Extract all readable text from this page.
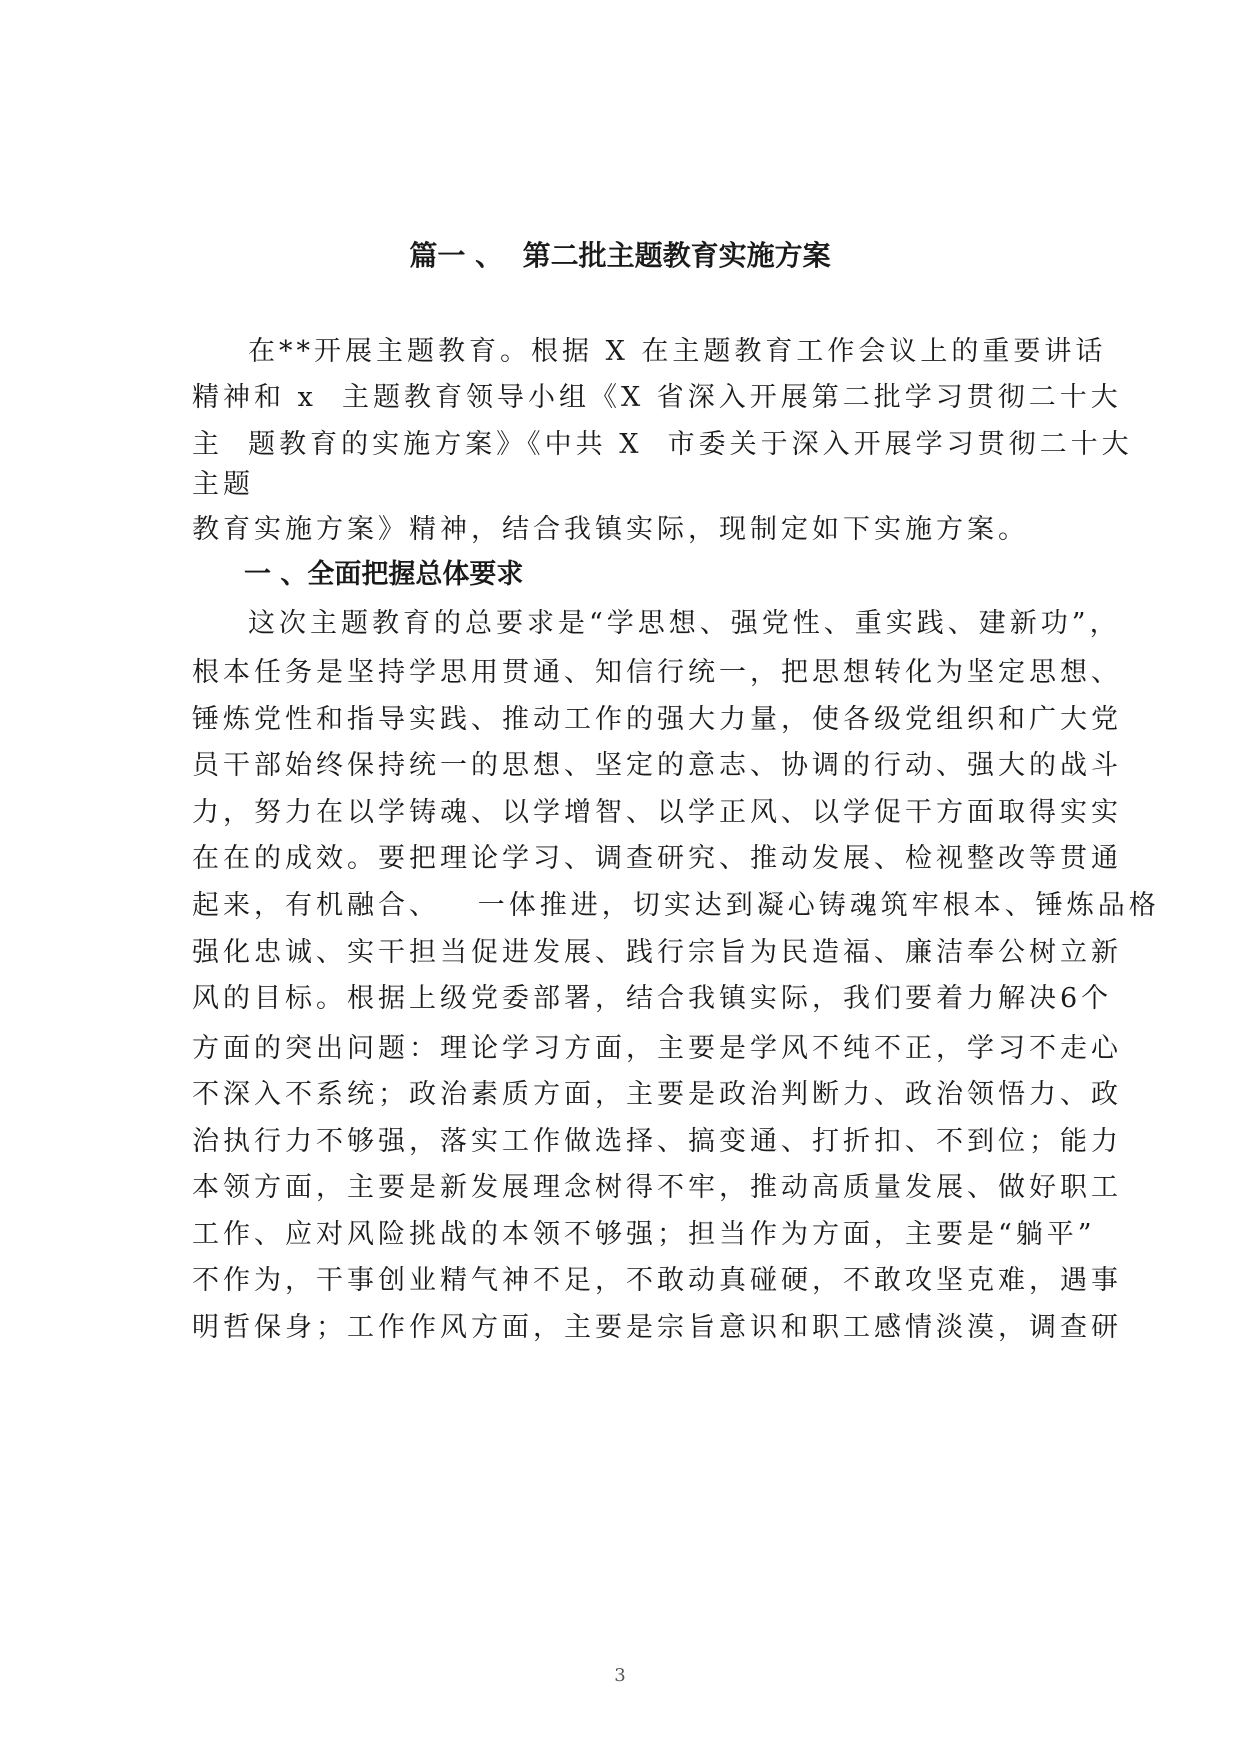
篇一 、  第二批主题教育实施方案
在**开展主题教育。根据 X 在主题教育工作会议上的重要讲话
精神和 x  主题教育领导小组《X 省深入开展第二批学习贯彻二十大
主  题教育的实施方案》《中共 X  市委关于深入开展学习贯彻二十大
主题
教育实施方案》精神，结合我镇实际，现制定如下实施方案。
一 、全面把握总体要求
这次主题教育的总要求是“学思想、强党性、重实践、建新功”，
根本任务是坚持学思用贯通、知信行统一，把思想转化为坚定思想、
锤炼党性和指导实践、推动工作的强大力量，使各级党组织和广大党
员干部始终保持统一的思想、坚定的意志、协调的行动、强大的战斗
力，努力在以学铸魂、以学增智、以学正风、以学促干方面取得实实
在在的成效。要把理论学习、调查研究、推动发展、检视整改等贯通
起来，有机融合、   一体推进，切实达到凝心铸魂筑牢根本、锤炼品格
强化忠诚、实干担当促进发展、践行宗旨为民造福、廉洁奉公树立新
风的目标。根据上级党委部署，结合我镇实际，我们要着力解决6个
方面的突出问题：理论学习方面，主要是学风不纯不正，学习不走心
不深入不系统；政治素质方面，主要是政治判断力、政治领悟力、政
治执行力不够强，落实工作做选择、搞变通、打折扣、不到位；能力
本领方面，主要是新发展理念树得不牢，推动高质量发展、做好职工
工作、应对风险挑战的本领不够强；担当作为方面，主要是“躺平”
不作为，干事创业精气神不足，不敢动真碰硬，不敢攻坚克难，遇事
明哲保身；工作作风方面，主要是宗旨意识和职工感情淡漠，调查研
3
